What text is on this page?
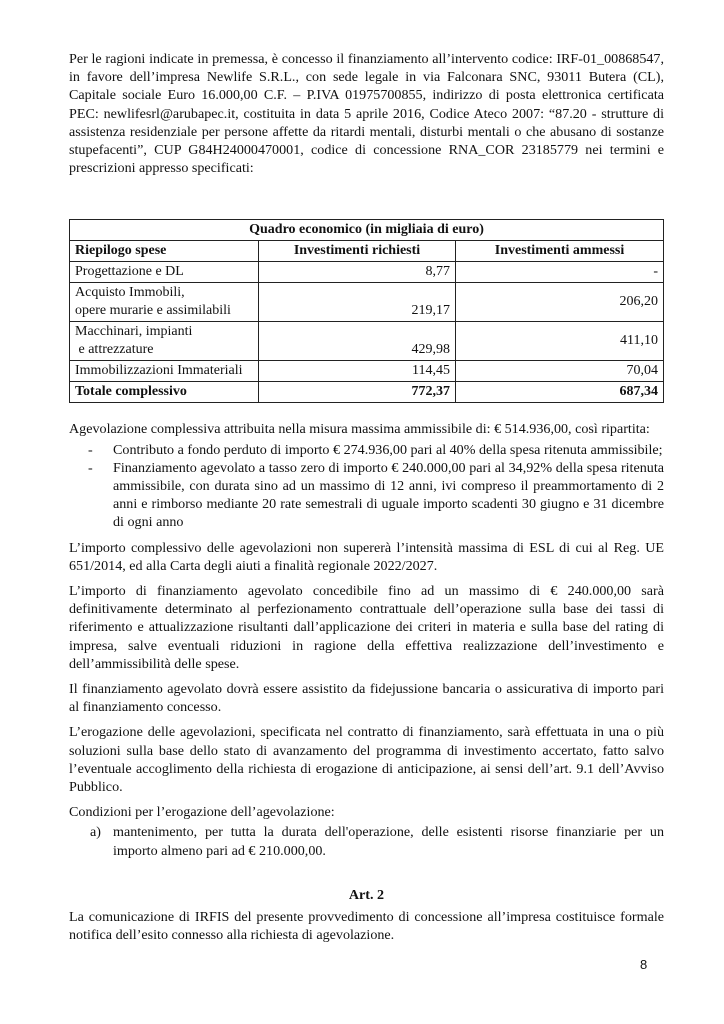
Per le ragioni indicate in premessa, è concesso il finanziamento all’intervento codice: IRF-01_00868547, in favore dell’impresa Newlife S.R.L., con sede legale in via Falconara SNC, 93011 Butera (CL), Capitale sociale Euro 16.000,00 C.F. – P.IVA 01975700855, indirizzo di posta elettronica certificata PEC: newlifesrl@arubapec.it, costituita in data 5 aprile 2016, Codice Ateco 2007: “87.20 - strutture di assistenza residenziale per persone affette da ritardi mentali, disturbi mentali o che abusano di sostanze stupefacenti”, CUP G84H24000470001, codice di concessione RNA_COR 23185779 nei termini e prescrizioni appresso specificati:

Quadro economico (in migliaia di euro)		
Riepilogo spese	Investimenti richiesti	Investimenti ammessi
Progettazione e DL	8,77	-
Acquisto Immobili,
opere murarie e assimilabili	219,17	206,20
Macchinari, impianti
e attrezzature	429,98	411,10
Immobilizzazioni Immateriali	114,45	70,04
Totale complessivo	772,37	687,34

Agevolazione complessiva attribuita nella misura massima ammissibile di: € 514.936,00, così ripartita:

- Contributo a fondo perduto di importo € 274.936,00 pari al 40% della spesa ritenuta ammissibile;
- Finanziamento agevolato a tasso zero di importo € 240.000,00 pari al 34,92% della spesa ritenuta ammissibile, con durata sino ad un massimo di 12 anni, ivi compreso il preammortamento di 2 anni e rimborso mediante 20 rate semestrali di uguale importo scadenti 30 giugno e 31 dicembre di ogni anno

L’importo complessivo delle agevolazioni non supererà l’intensità massima di ESL di cui al Reg. UE 651/2014, ed alla Carta degli aiuti a finalità regionale 2022/2027.

L’importo di finanziamento agevolato concedibile fino ad un massimo di € 240.000,00 sarà definitivamente determinato al perfezionamento contrattuale dell’operazione sulla base dei tassi di riferimento e attualizzazione risultanti dall’applicazione dei criteri in materia e sulla base del rating di impresa, salve eventuali riduzioni in ragione della effettiva realizzazione dell’investimento e dell’ammissibilità delle spese.

Il finanziamento agevolato dovrà essere assistito da fidejussione bancaria o assicurativa di importo pari al finanziamento concesso.

L’erogazione delle agevolazioni, specificata nel contratto di finanziamento, sarà effettuata in una o più soluzioni sulla base dello stato di avanzamento del programma di investimento accertato, fatto salvo l’eventuale accoglimento della richiesta di erogazione di anticipazione, ai sensi dell’art. 9.1 dell’Avviso Pubblico.

Condizioni per l’erogazione dell’agevolazione:

a) mantenimento, per tutta la durata dell'operazione, delle esistenti risorse finanziarie per un importo almeno pari ad € 210.000,00.
Art. 2

La comunicazione di IRFIS del presente provvedimento di concessione all’impresa costituisce formale notifica dell’esito connesso alla richiesta di agevolazione.

8
